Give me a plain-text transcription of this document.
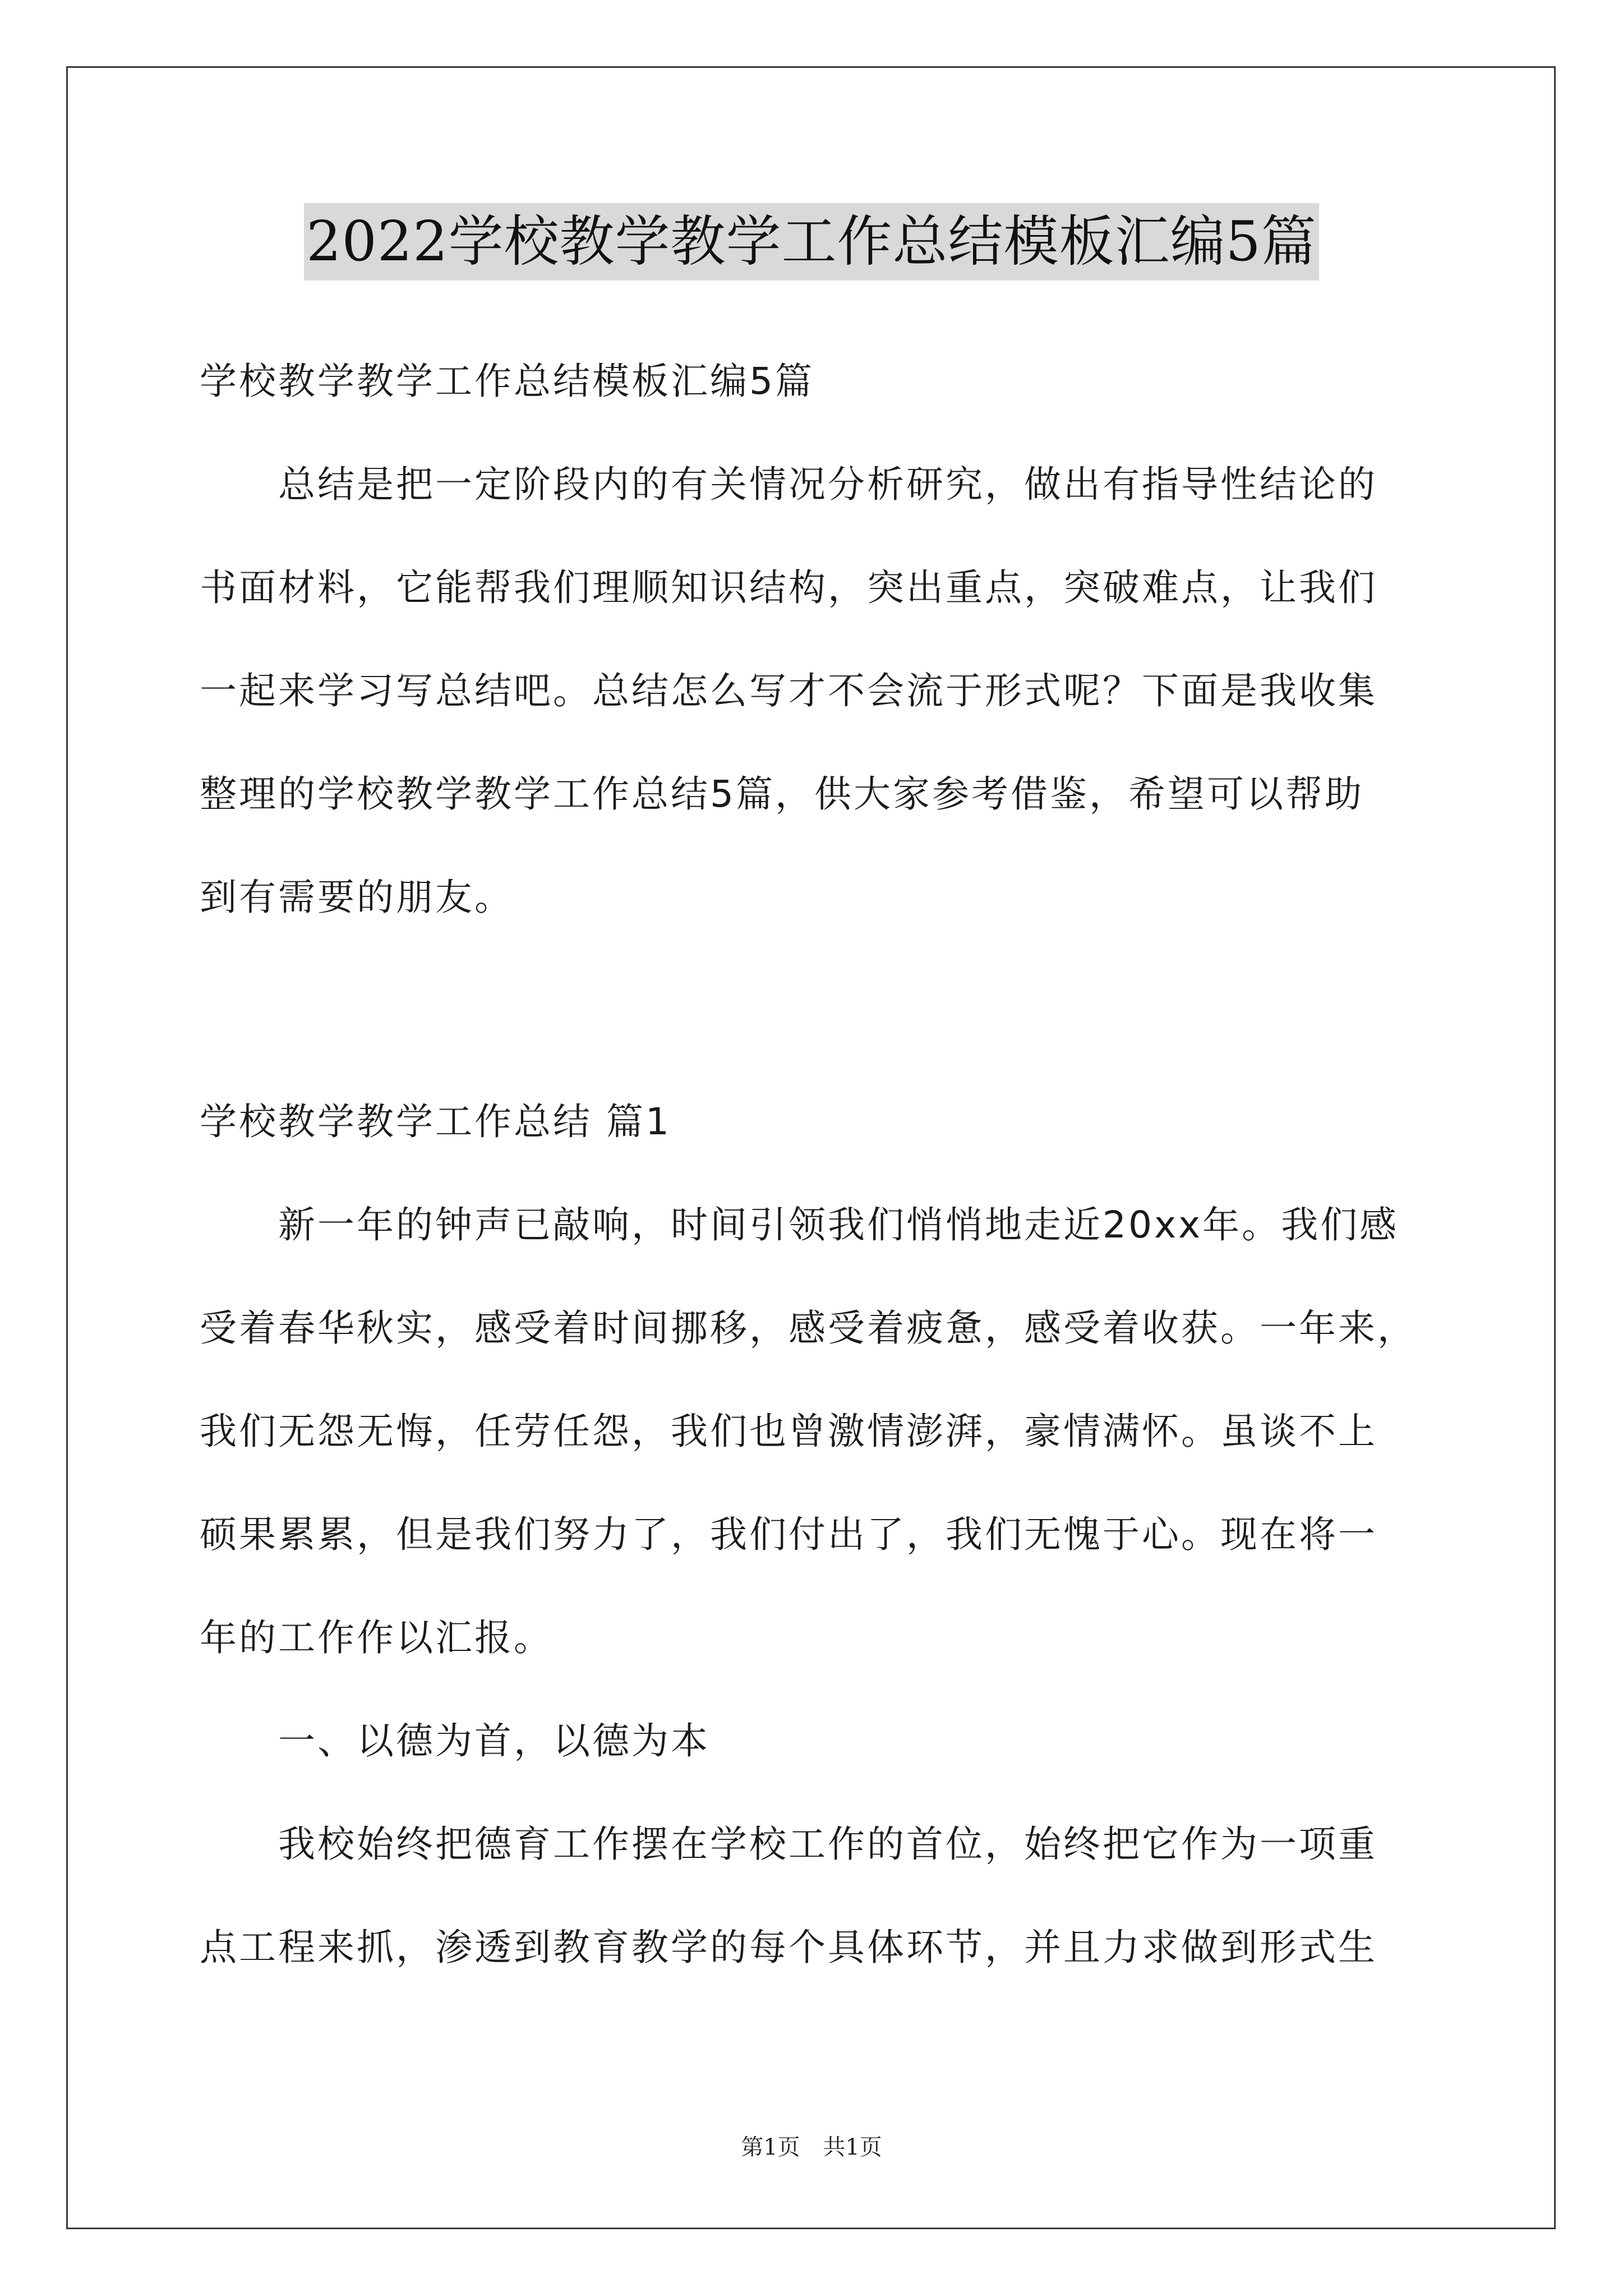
2022学校教学教学工作总结模板汇编5篇
学校教学教学工作总结模板汇编5篇
总结是把一定阶段内的有关情况分析研究，做出有指导性结论的
书面材料，它能帮我们理顺知识结构，突出重点，突破难点，让我们
一起来学习写总结吧。总结怎么写才不会流于形式呢？下面是我收集
整理的学校教学教学工作总结5篇，供大家参考借鉴，希望可以帮助
到有需要的朋友。
学校教学教学工作总结 篇1
新一年的钟声已敲响，时间引领我们悄悄地走近20xx年。我们感
受着春华秋实，感受着时间挪移，感受着疲惫，感受着收获。一年来，
我们无怨无悔，任劳任怨，我们也曾激情澎湃，豪情满怀。虽谈不上
硕果累累，但是我们努力了，我们付出了，我们无愧于心。现在将一
年的工作作以汇报。
一、以德为首，以德为本
我校始终把德育工作摆在学校工作的首位，始终把它作为一项重
点工程来抓，渗透到教育教学的每个具体环节，并且力求做到形式生
第1页 共1页
